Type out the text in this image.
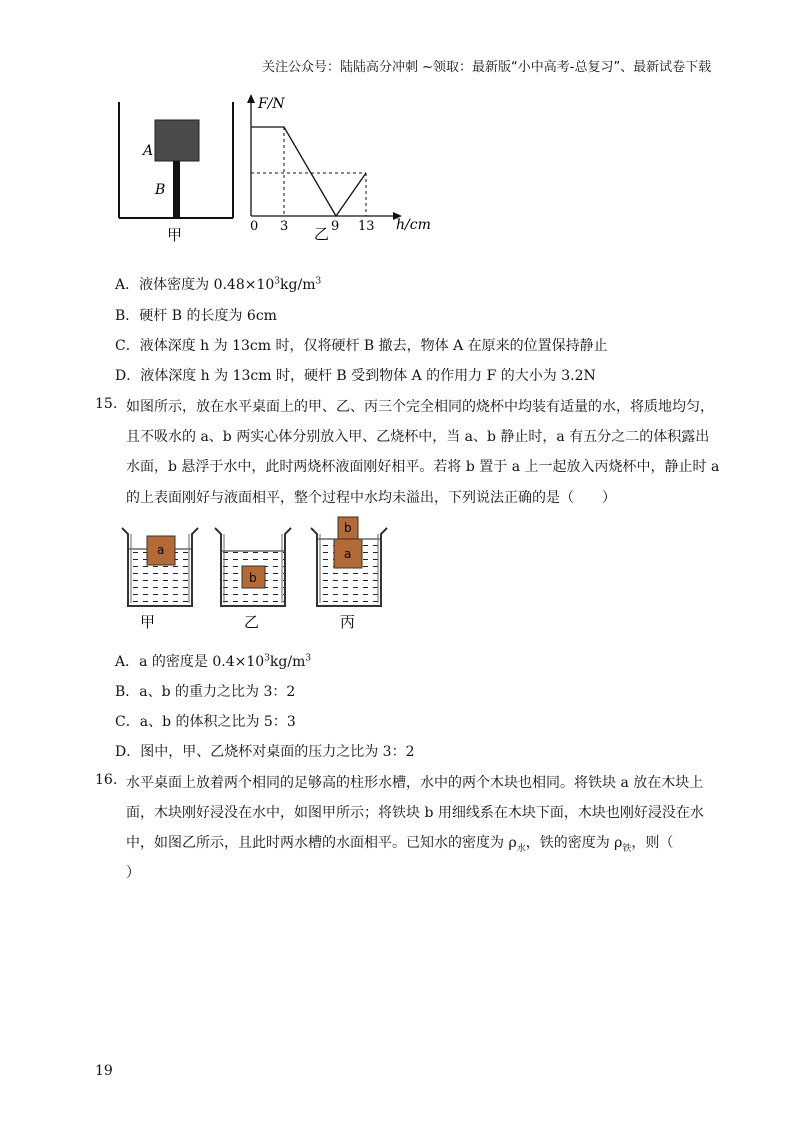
关注公众号：陆陆高分冲刺 ~领取：最新版“小中高考-总复习”、最新试卷下载
A
B
甲
F/N
h/cm
0 3	9 13
乙
A．液体密度为 $0.48\times 10^3kg/m^3$
B．硬杆 B 的长度为 6cm
C．液体深度 h 为 13cm 时，仅将硬杆 B 撤去，物体 A 在原来的位置保持静止
D．液体深度 h 为 13cm 时，硬杆 B 受到物体 A 的作用力 F 的大小为 3.2N
15. 如图所示，放在水平桌面上的甲、乙、丙三个完全相同的烧杯中均装有适量的水，将质地均匀，
且不吸水的 a、b 两实心体分别放入甲、乙烧杯中，当 a、b 静止时，a 有五分之二的体积露出
水面，b 悬浮于水中，此时两烧杯液面刚好相平。若将 b 置于 a 上一起放入丙烧杯中，静止时 a
的上表面刚好与液面相平，整个过程中水均未溢出，下列说法正确的是（　　）
a
甲
b
乙
a
b
丙
A．a 的密度是 $0.4\times 10^3kg/m^3$
B．a、b 的重力之比为 3：2
C．a、b 的体积之比为 5：3
D．图中，甲、乙烧杯对桌面的压力之比为 3：2
16. 水平桌面上放着两个相同的足够高的柱形水槽，水中的两个木块也相同。将铁块 a 放在木块上
面，木块刚好浸没在水中，如图甲所示；将铁块 b 用细线系在木块下面，木块也刚好浸没在水
中，如图乙所示，且此时两水槽的水面相平。已知水的密度为 $\rho_水$，铁的密度为 $\rho_铁$，则（
）
19
